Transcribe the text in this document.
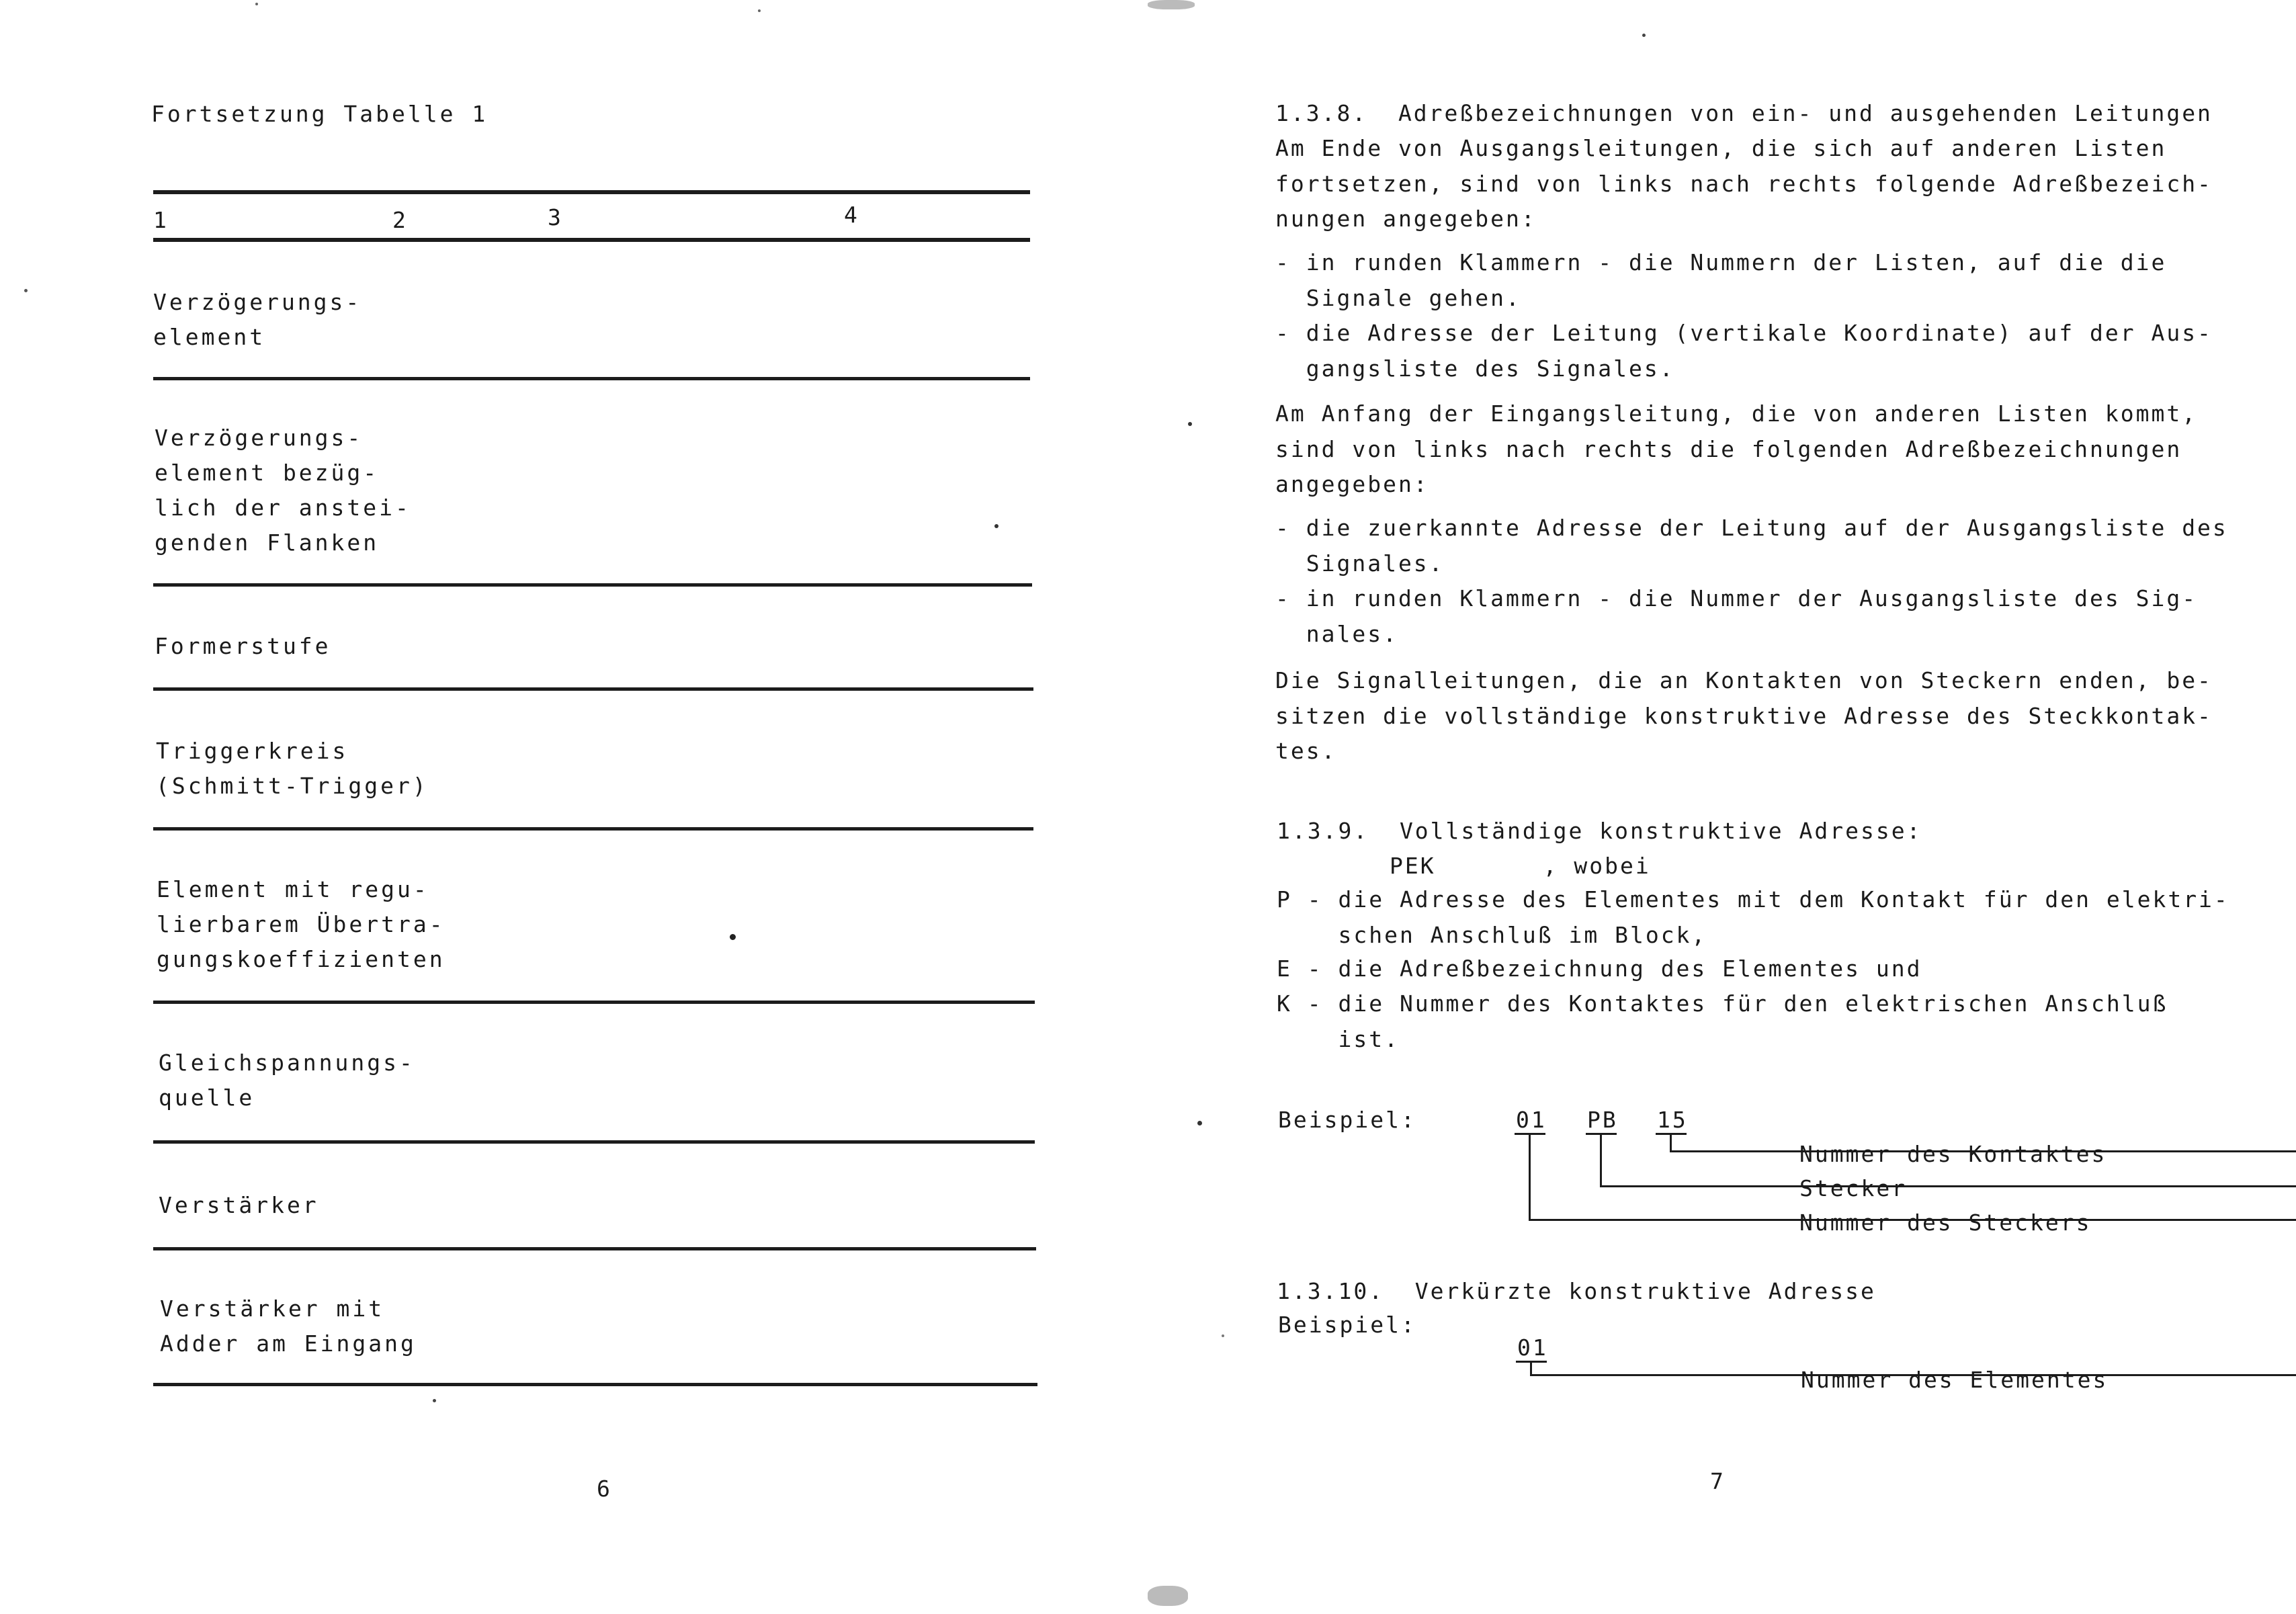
Fortsetzung Tabelle 1
1	2	3	4
Verzögerungs-
element
Verzögerungs-
element bezüg-
lich der anstei-
genden Flanken
Formerstufe
Triggerkreis
(Schmitt-Trigger)
Element mit regu-
lierbarem Übertra-
gungskoeffizienten
Gleichspannungs-
quelle
Verstärker
Verstärker mit
Adder am Eingang
6
1.3.8.  Adreßbezeichnungen von ein- und ausgehenden Leitungen
Am Ende von Ausgangsleitungen, die sich auf anderen Listen
fortsetzen, sind von links nach rechts folgende Adreßbezeich-
nungen angegeben:
- in runden Klammern - die Nummern der Listen, auf die die
Signale gehen.
- die Adresse der Leitung (vertikale Koordinate) auf der Aus-
gangsliste des Signales.
Am Anfang der Eingangsleitung, die von anderen Listen kommt,
sind von links nach rechts die folgenden Adreßbezeichnungen
angegeben:
- die zuerkannte Adresse der Leitung auf der Ausgangsliste des
Signales.
- in runden Klammern - die Nummer der Ausgangsliste des Sig-
nales.
Die Signalleitungen, die an Kontakten von Steckern enden, be-
sitzen die vollständige konstruktive Adresse des Steckkontak-
tes.
1.3.9.  Vollständige konstruktive Adresse:
PEK       , wobei
P - die Adresse des Elementes mit dem Kontakt für den elektri-
schen Anschluß im Block,
E - die Adreßbezeichnung des Elementes und
K - die Nummer des Kontaktes für den elektrischen Anschluß
ist.
Beispiel:	01 PB 15
Nummer des Kontaktes
Stecker
Nummer des Steckers
1.3.10.  Verkürzte konstruktive Adresse
Beispiel:
01
Nummer des Elementes
7
